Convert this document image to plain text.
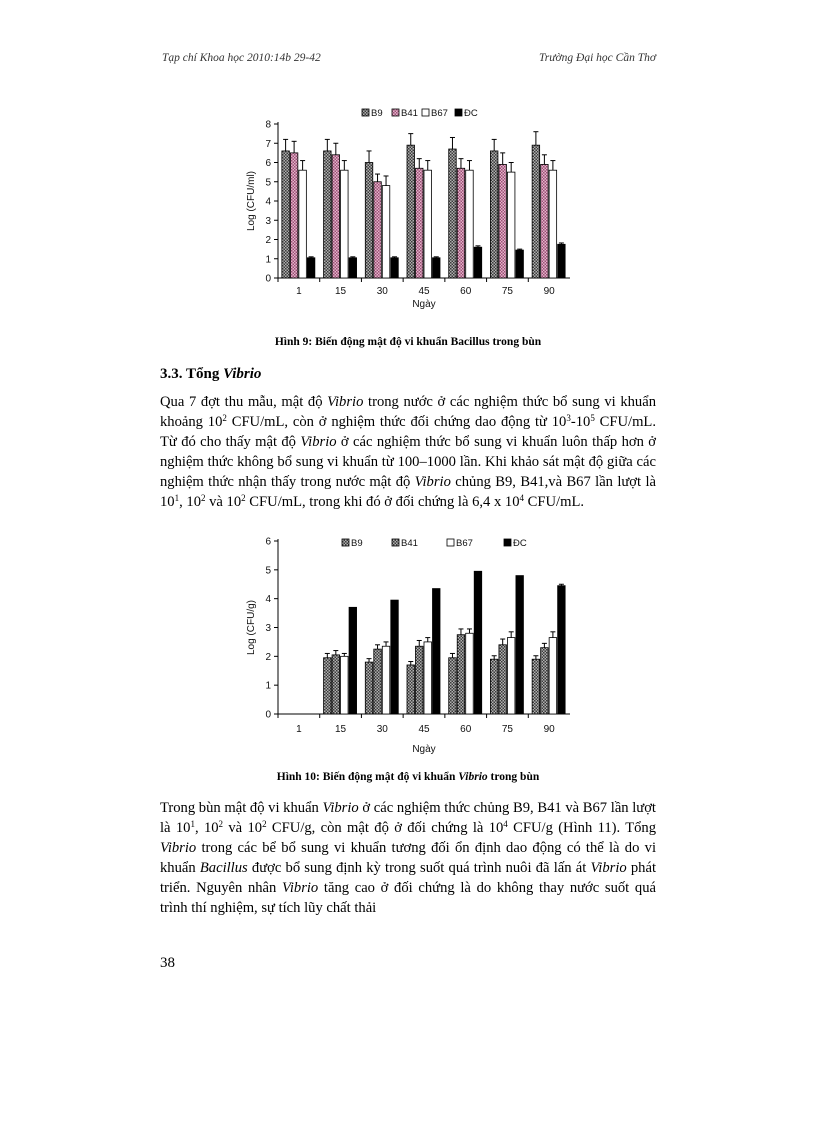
Tạp chí Khoa học 2010:14b 29-42	Trường Đại học Cần Thơ
0
1
2
3
4
5
6
7
8
1	15	30	45	60	75	90
Ngày
Log (CFU/ml)
B9 B41 B67 ĐC
Hình 9: Biến động mật độ vi khuẩn Bacillus trong bùn
3.3. Tổng Vibrio

Qua 7 đợt thu mẫu, mật độ Vibrio trong nước ở các nghiệm thức bổ sung vi khuẩn khoảng $10^2$ CFU/mL, còn ở nghiệm thức đối chứng dao động từ $10^3-10^5$ CFU/mL. Từ đó cho thấy mật độ Vibrio ở các nghiệm thức bổ sung vi khuẩn luôn thấp hơn ở nghiệm thức không bổ sung vi khuẩn từ 100–1000 lần. Khi khảo sát mật độ giữa các nghiệm thức nhận thấy trong nước mật độ Vibrio chủng B9, B41,và B67 lần lượt là $10^1$, $10^2$ và $10^2$ CFU/mL, trong khi đó ở đối chứng là 6,4 x $10^4$ CFU/mL.

0
1
2
3
4
5
6
1	15	30	45	60	75	90
Ngày
Log (CFU/g)
B9	B41	B67	ĐC
Hình 10: Biến động mật độ vi khuẩn Vibrio trong bùn

Trong bùn mật độ vi khuẩn Vibrio ở các nghiệm thức chủng B9, B41 và B67 lần lượt là $10^1$, $10^2$ và $10^2$ CFU/g, còn mật độ ở đối chứng là $10^4$ CFU/g (Hình 11). Tổng Vibrio trong các bể bổ sung vi khuẩn tương đối ổn định dao động có thể là do vi khuẩn Bacillus được bổ sung định kỳ trong suốt quá trình nuôi đã lấn át Vibrio phát triển. Nguyên nhân Vibrio tăng cao ở đối chứng là do không thay nước suốt quá trình thí nghiệm, sự tích lũy chất thải

38
